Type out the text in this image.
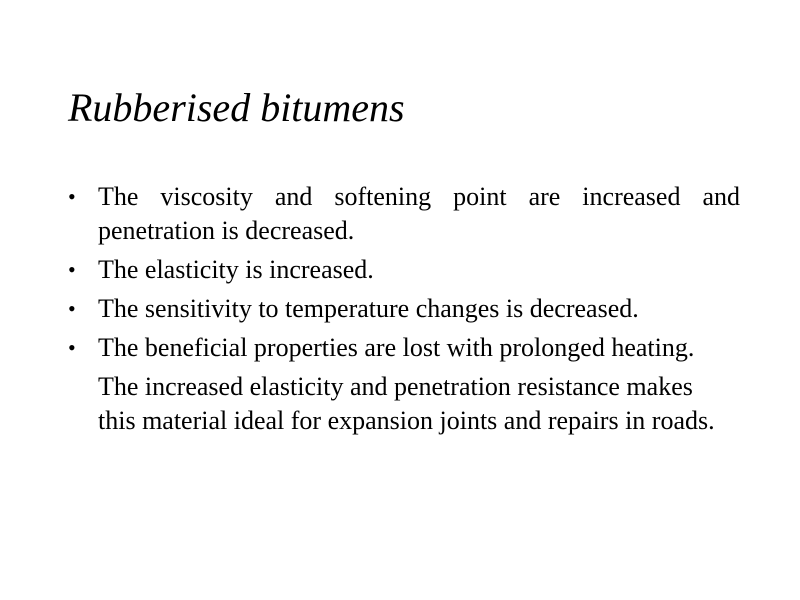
Rubberised bitumens
• The viscosity and softening point are increased and penetration is decreased.
• The elasticity is increased.
• The sensitivity to temperature changes is decreased.
• The beneficial properties are lost with prolonged heating.
The increased elasticity and penetration resistance makes this material ideal for expansion joints and repairs in roads.
